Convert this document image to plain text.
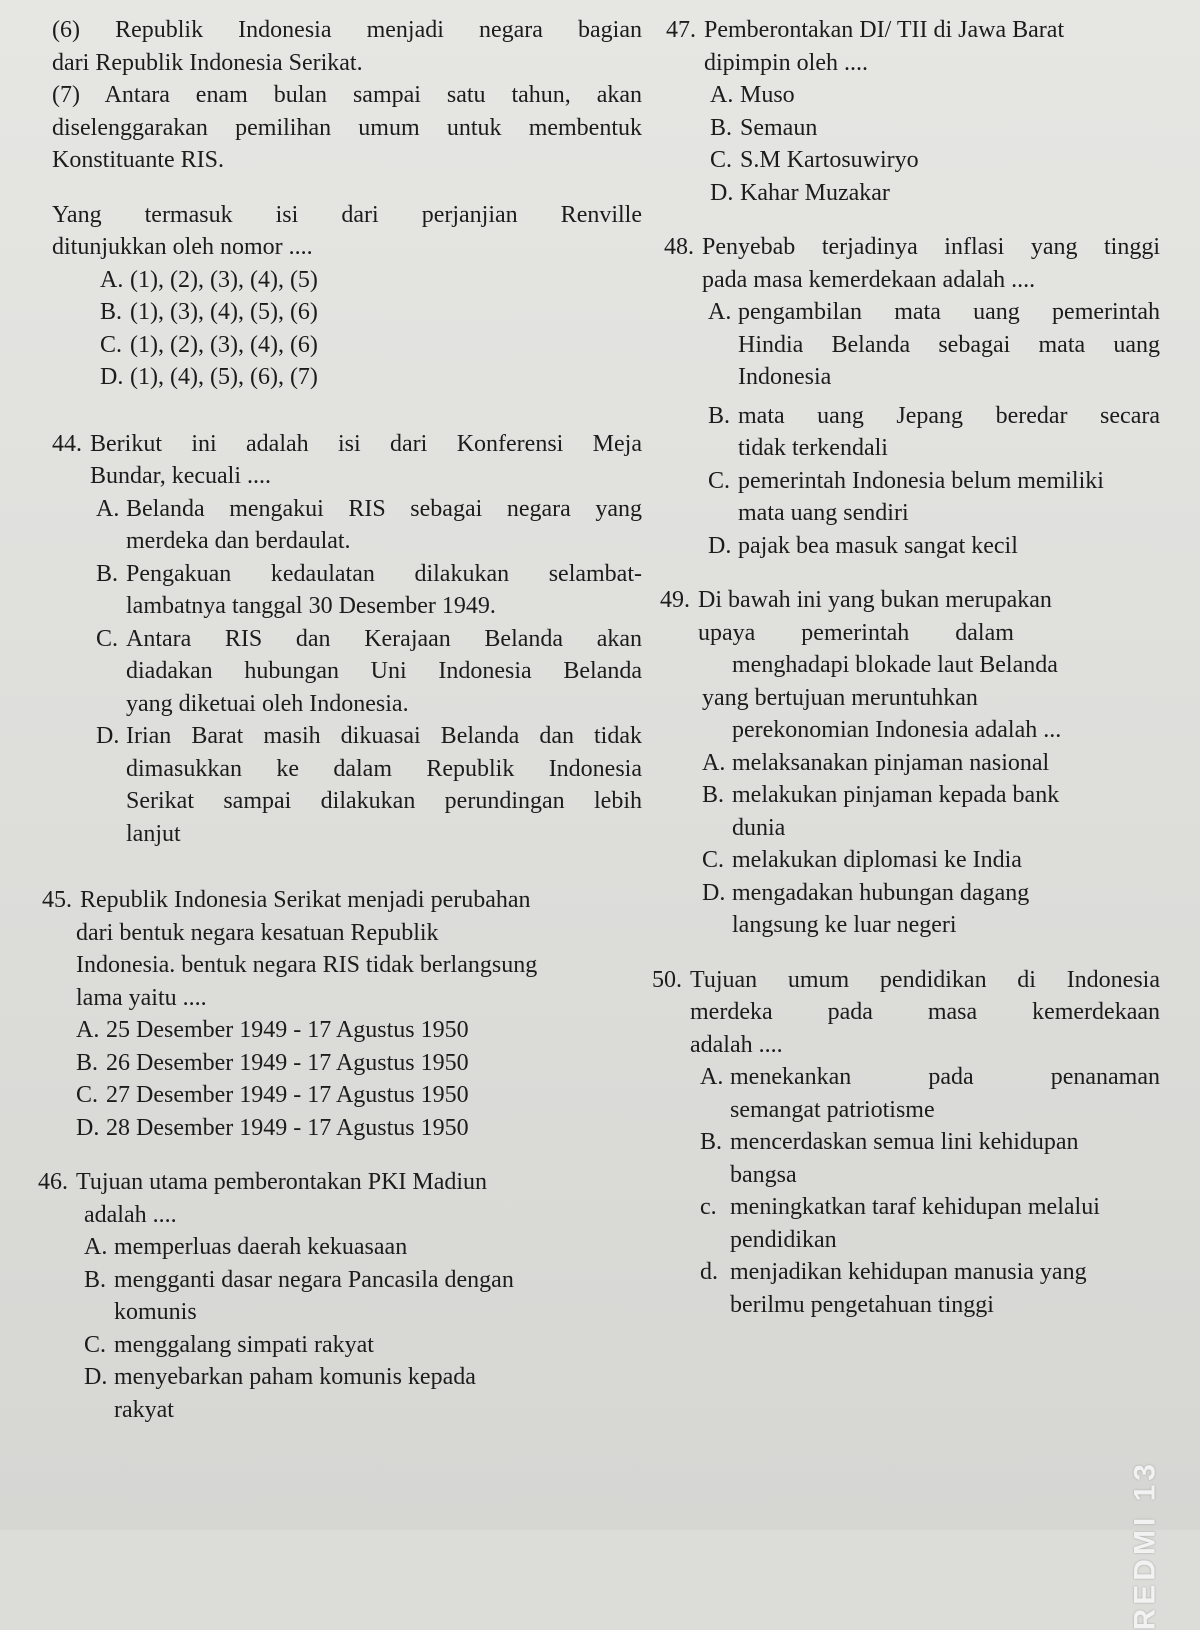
(6) Republik Indonesia menjadi negara bagian

dari Republik Indonesia Serikat.

(7) Antara enam bulan sampai satu tahun, akan

diselenggarakan pemilihan umum untuk membentuk

Konstituante RIS.

Yang termasuk isi dari perjanjian Renville

ditunjukkan oleh nomor ....

A. (1), (2), (3), (4), (5)
B. (1), (3), (4), (5), (6)
C. (1), (2), (3), (4), (6)
D. (1), (4), (5), (6), (7)
44. Berikut ini adalah isi dari Konferensi Meja
Bundar, kecuali ....
A. Belanda mengakui RIS sebagai negara yang
merdeka dan berdaulat.
B. Pengakuan kedaulatan dilakukan selambat-
lambatnya tanggal 30 Desember 1949.
C. Antara RIS dan Kerajaan Belanda akan
diadakan hubungan Uni Indonesia Belanda
yang diketuai oleh Indonesia.
D. Irian Barat masih dikuasai Belanda dan tidak
dimasukkan ke dalam Republik Indonesia
Serikat sampai dilakukan perundingan lebih
lanjut
45. Republik Indonesia Serikat menjadi perubahan
dari bentuk negara kesatuan Republik
Indonesia. bentuk negara RIS tidak berlangsung
lama yaitu ....
A. 25 Desember 1949 - 17 Agustus 1950
B. 26 Desember 1949 - 17 Agustus 1950
C. 27 Desember 1949 - 17 Agustus 1950
D. 28 Desember 1949 - 17 Agustus 1950
46. Tujuan utama pemberontakan PKI Madiun
adalah ....
A. memperluas daerah kekuasaan
B. mengganti dasar negara Pancasila dengan
komunis
C. menggalang simpati rakyat
D. menyebarkan paham komunis kepada
rakyat
47. Pemberontakan DI/ TII di Jawa Barat
dipimpin oleh ....
A. Muso
B. Semaun
C. S.M Kartosuwiryo
D. Kahar Muzakar
48. Penyebab terjadinya inflasi yang tinggi
pada masa kemerdekaan adalah ....
A. pengambilan mata uang pemerintah
Hindia Belanda sebagai mata uang
Indonesia
B. mata uang Jepang beredar secara
tidak terkendali
C. pemerintah Indonesia belum memiliki
mata uang sendiri
D. pajak bea masuk sangat kecil
49. Di bawah ini yang bukan merupakan
upaya pemerintah dalam
menghadapi blokade laut Belanda
yang bertujuan meruntuhkan
perekonomian Indonesia adalah ...
A. melaksanakan pinjaman nasional
B. melakukan pinjaman kepada bank
dunia
C. melakukan diplomasi ke India
D. mengadakan hubungan dagang
langsung ke luar negeri
50. Tujuan umum pendidikan di Indonesia
merdeka pada masa kemerdekaan
adalah ....
A. menekankan pada penanaman
semangat patriotisme
B. mencerdaskan semua lini kehidupan
bangsa
c. meningkatkan taraf kehidupan melalui
pendidikan
d. menjadikan kehidupan manusia yang
berilmu pengetahuan tinggi
REDMI 13
